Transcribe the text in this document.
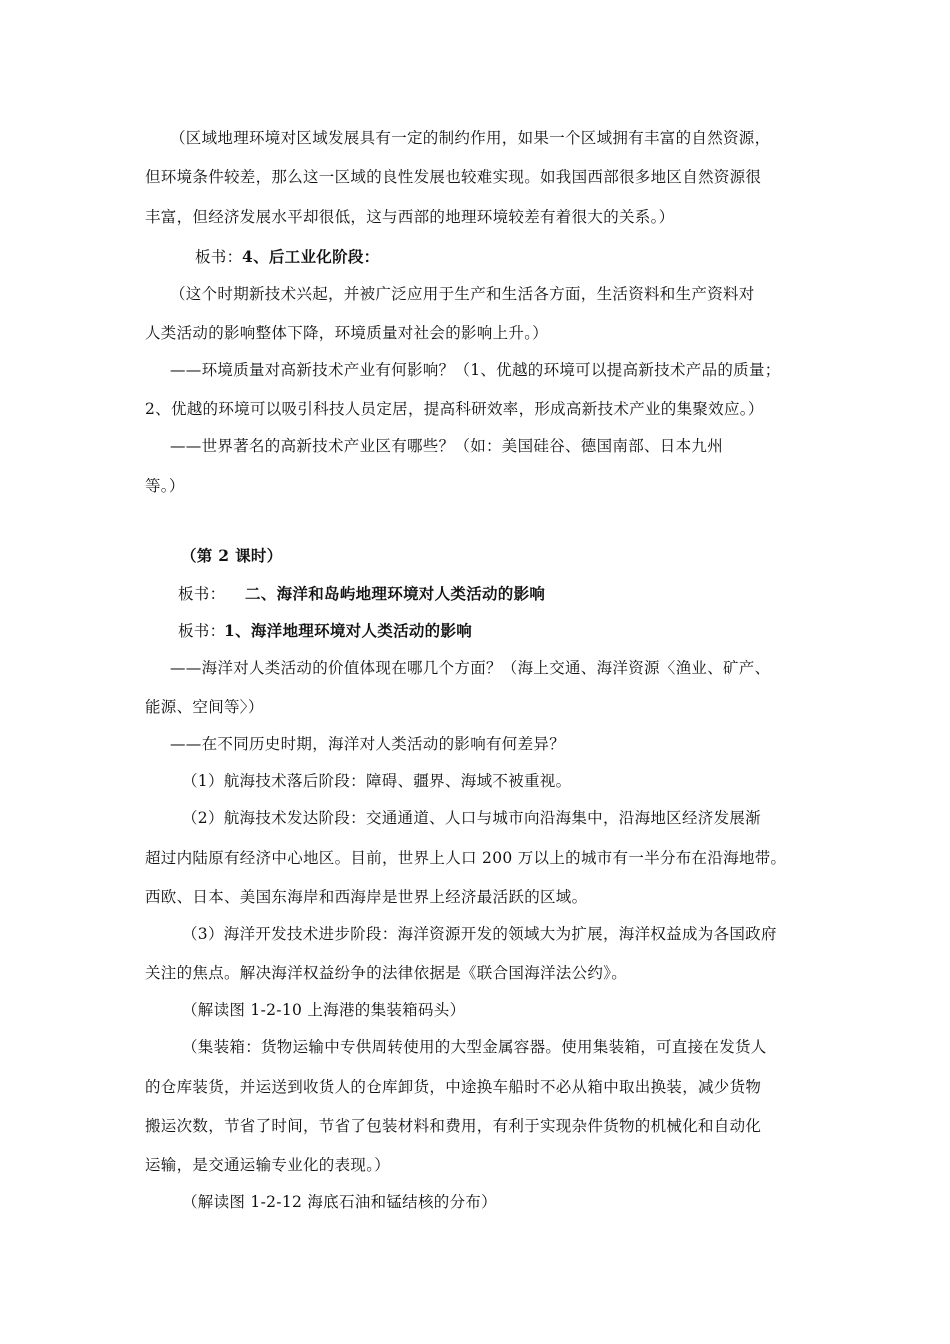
（区域地理环境对区域发展具有一定的制约作用，如果一个区域拥有丰富的自然资源，
但环境条件较差，那么这一区域的良性发展也较难实现。如我国西部很多地区自然资源很
丰富，但经济发展水平却很低，这与西部的地理环境较差有着很大的关系。）
板书： 4、后工业化阶段：
（这个时期新技术兴起，并被广泛应用于生产和生活各方面，生活资料和生产资料对
人类活动的影响整体下降，环境质量对社会的影响上升。）
——环境质量对高新技术产业有何影响？（1、优越的环境可以提高新技术产品的质量；
2、优越的环境可以吸引科技人员定居，提高科研效率，形成高新技术产业的集聚效应。）
——世界著名的高新技术产业区有哪些？（如：美国硅谷、德国南部、日本九州
等。）
（第 2 课时）
板书： 二、海洋和岛屿地理环境对人类活动的影响
板书：
1、海洋地理环境对人类活动的影响
——海洋对人类活动的价值体现在哪几个方面？（海上交通、海洋资源〈渔业、矿产、
能源、空间等〉）
——在不同历史时期，海洋对人类活动的影响有何差异？
（1）航海技术落后阶段：障碍、疆界、海域不被重视。
（2）航海技术发达阶段：交通通道、人口与城市向沿海集中，沿海地区经济发展渐
超过内陆原有经济中心地区。目前，世界上人口 200 万以上的城市有一半分布在沿海地带。
西欧、日本、美国东海岸和西海岸是世界上经济最活跃的区域。
（3）海洋开发技术进步阶段：海洋资源开发的领域大为扩展，海洋权益成为各国政府
关注的焦点。解决海洋权益纷争的法律依据是《联合国海洋法公约》。
（解读图 1-2-10 上海港的集装箱码头）
（集装箱：货物运输中专供周转使用的大型金属容器。使用集装箱，可直接在发货人
的仓库装货，并运送到收货人的仓库卸货，中途换车船时不必从箱中取出换装，减少货物
搬运次数，节省了时间，节省了包装材料和费用，有利于实现杂件货物的机械化和自动化
运输，是交通运输专业化的表现。）
（解读图 1-2-12 海底石油和锰结核的分布）
